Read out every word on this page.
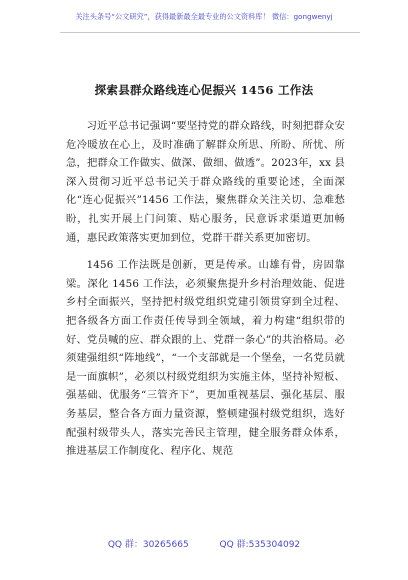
关注头条号“公文研究”，获得最新最全最专业的公文资料库！ 微信：gongwenyj
探索县群众路线连心促振兴 1456 工作法

习近平总书记强调“要坚持党的群众路线，时刻把群众安危冷暖放在心上，及时准确了解群众所思、所盼、所忧、所急，把群众工作做实、做深、做细、做透”。2023年，xx 县深入贯彻习近平总书记关于群众路线的重要论述，全面深化“连心促振兴”1456 工作法，聚焦群众关注关切、急难愁盼，扎实开展上门问策、贴心服务，民意诉求渠道更加畅通，惠民政策落实更加到位，党群干群关系更加密切。

1456 工作法既是创新，更是传承。山雄有骨，房固靠梁。深化 1456 工作法，必须聚焦提升乡村治理效能、促进乡村全面振兴，坚持把村级党组织党建引领贯穿到全过程、把各级各方面工作责任传导到全领域，着力构建“组织带的好、党员喊的应、群众跟的上、党群一条心”的共治格局。必须建强组织“阵地线”，“一个支部就是一个堡垒，一名党员就是一面旗帜”，必须以村级党组织为实施主体，坚持补短板、强基础、优服务“三管齐下”，更加重视基层、强化基层、服务基层，整合各方面力量资源，整顿建强村级党组织，选好配强村级带头人，落实完善民主管理，健全服务群众体系，推进基层工作制度化、程序化、规范

QQ 群：30265665	QQ 群:535304092
